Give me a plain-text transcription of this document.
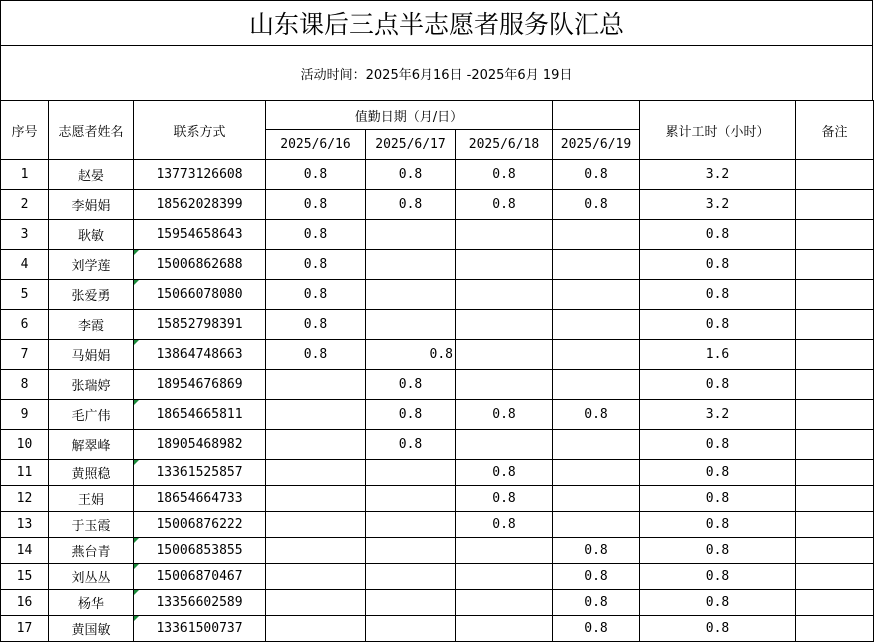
山东课后三点半志愿者服务队汇总
活动时间：2025年6月16日 -2025年6月 19日
序号	志愿者姓名	联系方式	值勤日期（月/日）				累计工时（小时）	备注
			2025/6/16	2025/6/17	2025/6/18	2025/6/19		
1	赵晏	13773126608	0.8	0.8	0.8	0.8	3.2	
2	李娟娟	18562028399	0.8	0.8	0.8	0.8	3.2	
3	耿敏	15954658643	0.8				0.8	
4	刘学莲	15006862688	0.8				0.8	
5	张爱勇	15066078080	0.8				0.8	
6	李霞	15852798391	0.8				0.8	
7	马娟娟	13864748663	0.8	0.8			1.6	
8	张瑞婷	18954676869		0.8			0.8	
9	毛广伟	18654665811		0.8	0.8	0.8	3.2	
10	解翠峰	18905468982		0.8			0.8	
11	黄照稳	13361525857			0.8		0.8	
12	王娟	18654664733			0.8		0.8	
13	于玉霞	15006876222			0.8		0.8	
14	燕台青	15006853855				0.8	0.8	
15	刘丛丛	15006870467				0.8	0.8	
16	杨华	13356602589				0.8	0.8	
17	黄国敏	13361500737				0.8	0.8	
